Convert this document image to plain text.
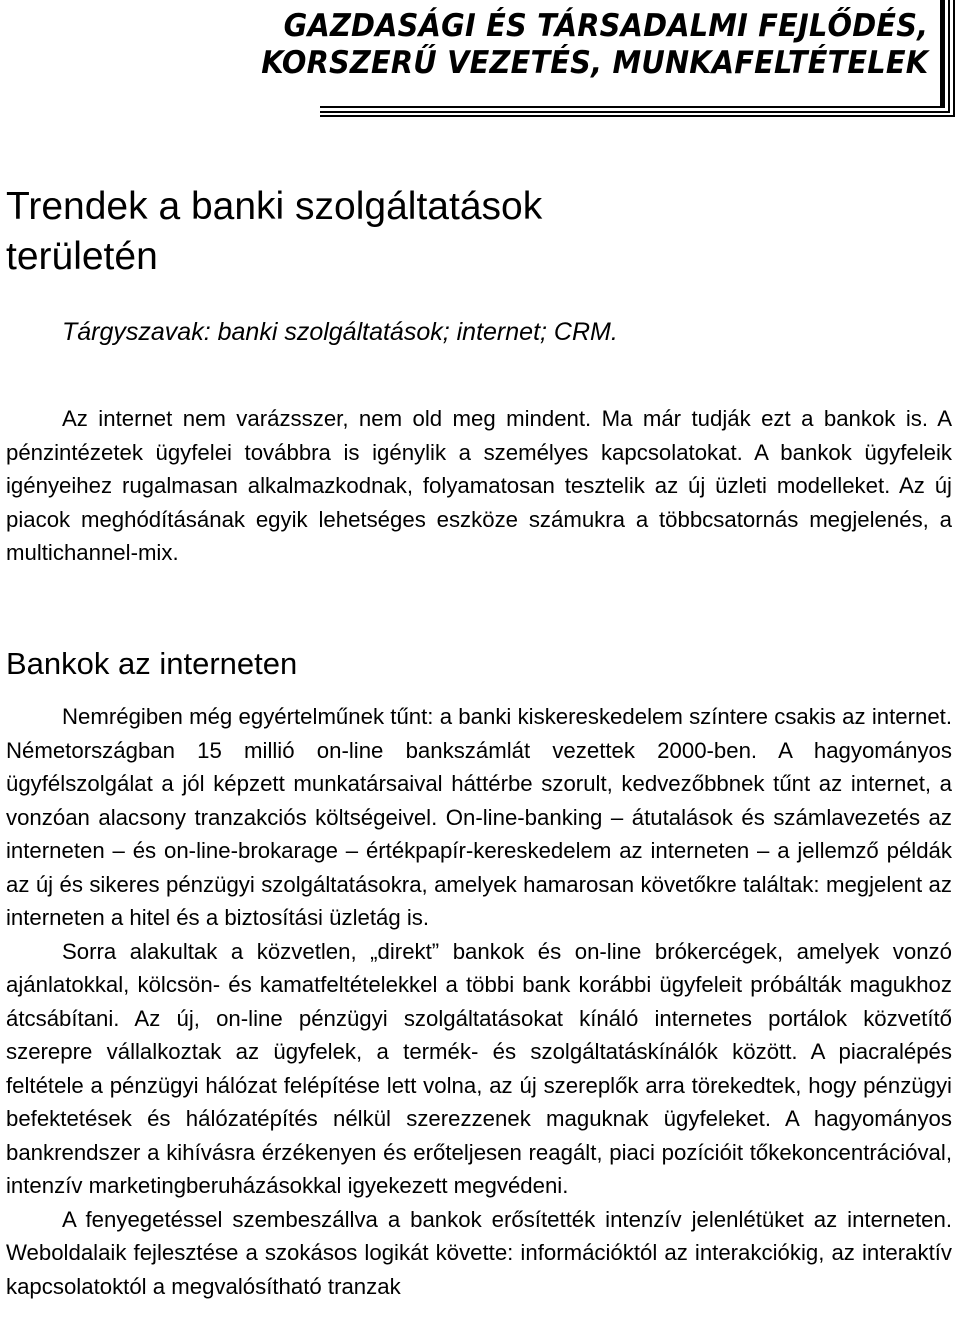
GAZDASÁGI ÉS TÁRSADALMI FEJLŐDÉS,
KORSZERŰ VEZETÉS, MUNKAFELTÉTELEK
Trendek a banki szolgáltatások területén

Tárgyszavak: banki szolgáltatások; internet; CRM.

Az internet nem varázsszer, nem old meg mindent. Ma már tudják ezt a bankok is. A pénzintézetek ügyfelei továbbra is igénylik a személyes kapcsolatokat. A bankok ügyfeleik igényeihez rugalmasan alkalmazkodnak, folyamatosan tesztelik az új üzleti modelleket. Az új piacok meghódításának egyik lehetséges eszköze számukra a többcsatornás megjelenés, a multichannel-mix.

Bankok az interneten

Nemrégiben még egyértelműnek tűnt: a banki kiskereskedelem színtere csakis az internet. Németországban 15 millió on-line bankszámlát vezettek 2000-ben. A hagyományos ügyfélszolgálat a jól képzett munkatársaival háttérbe szorult, kedvezőbbnek tűnt az internet, a vonzóan alacsony tranzakciós költségeivel. On-line-banking – átutalások és számlavezetés az interneten – és on-line-brokarage – értékpapír-kereskedelem az interneten – a jellemző példák az új és sikeres pénzügyi szolgáltatásokra, amelyek hamarosan követőkre találtak: megjelent az interneten a hitel és a biztosítási üzletág is.

Sorra alakultak a közvetlen, „direkt” bankok és on-line brókercégek, amelyek vonzó ajánlatokkal, kölcsön- és kamatfeltételekkel a többi bank korábbi ügyfeleit próbálták magukhoz átcsábítani. Az új, on-line pénzügyi szolgáltatásokat kínáló internetes portálok közvetítő szerepre vállalkoztak az ügyfelek, a termék- és szolgáltatáskínálók között. A piacralépés feltétele a pénzügyi hálózat felépítése lett volna, az új szereplők arra törekedtek, hogy pénzügyi befektetések és hálózatépítés nélkül szerezzenek maguknak ügyfeleket. A hagyományos bankrendszer a kihívásra érzékenyen és erőteljesen reagált, piaci pozícióit tőkekoncentrációval, intenzív marketingberuházásokkal igyekezett megvédeni.

A fenyegetéssel szembeszállva a bankok erősítették intenzív jelenlétüket az interneten. Weboldalaik fejlesztése a szokásos logikát követte: információktól az interakciókig, az interaktív kapcsolatoktól a megvalósítható tranzak
